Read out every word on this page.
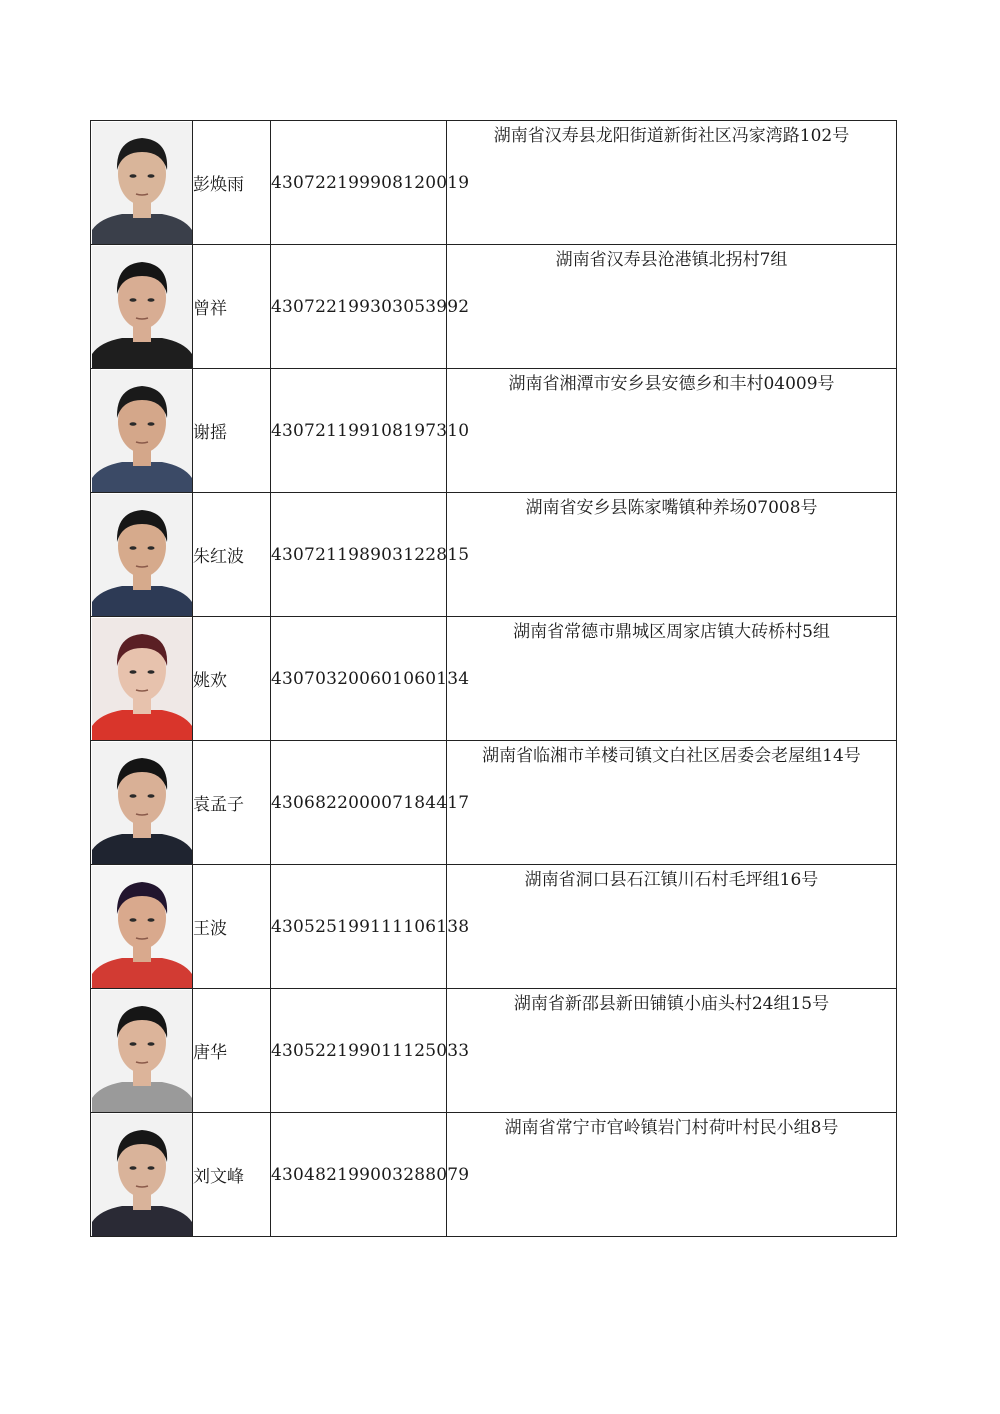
	彭焕雨	430722199908120019	湖南省汉寿县龙阳街道新街社区冯家湾路102号

	曾祥	430722199303053992	湖南省汉寿县沧港镇北拐村7组

	谢摇	430721199108197310	湖南省湘潭市安乡县安德乡和丰村04009号

	朱红波	430721198903122815	湖南省安乡县陈家嘴镇种养场07008号

	姚欢	430703200601060134	湖南省常德市鼎城区周家店镇大砖桥村5组

	袁孟子	430682200007184417	湖南省临湘市羊楼司镇文白社区居委会老屋组14号

	王波	430525199111106138	湖南省洞口县石江镇川石村毛坪组16号

	唐华	430522199011125033	湖南省新邵县新田铺镇小庙头村24组15号

	刘文峰	430482199003288079	湖南省常宁市官岭镇岩门村荷叶村民小组8号
